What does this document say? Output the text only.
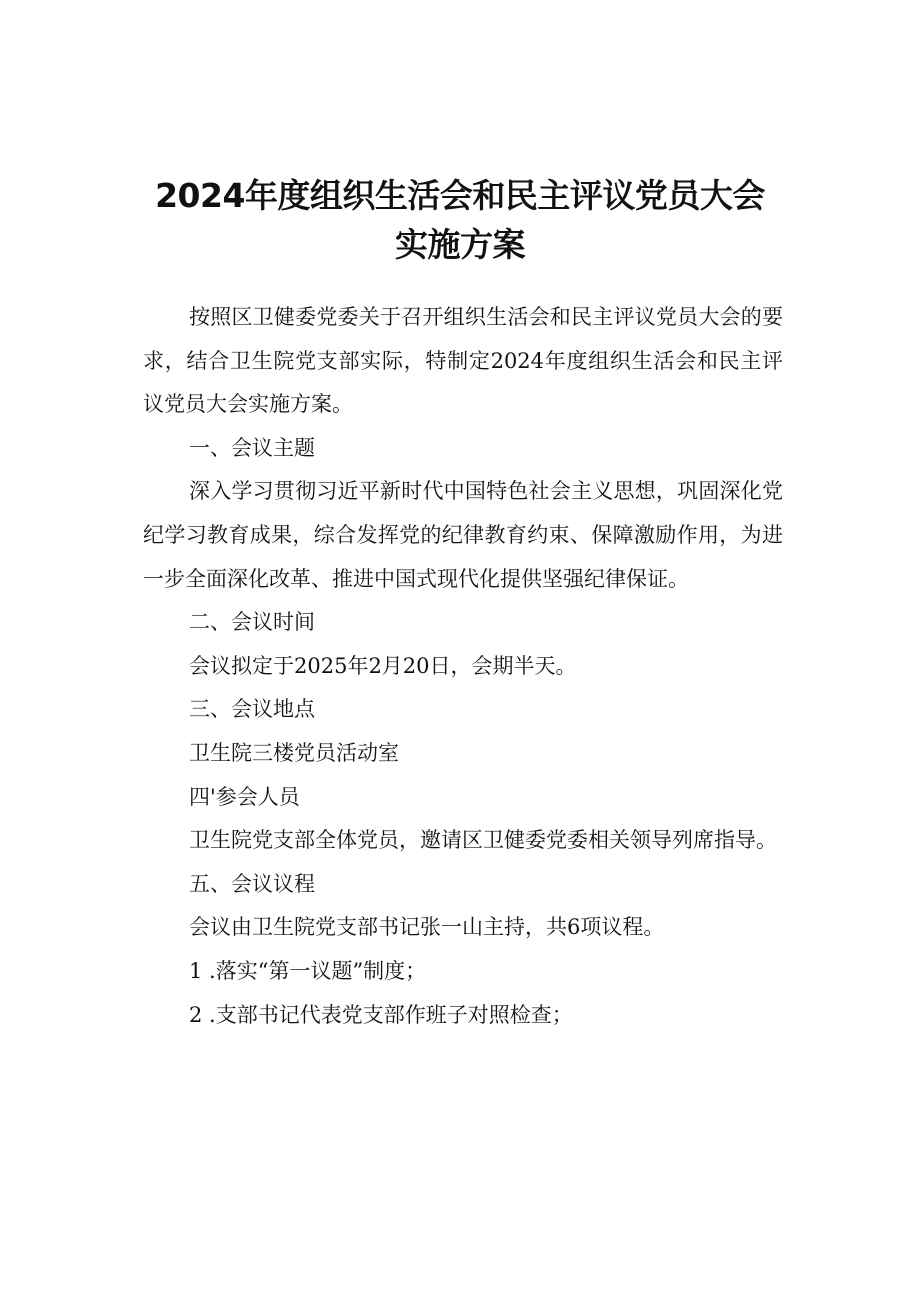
2024年度组织生活会和民主评议党员大会
实施方案

按照区卫健委党委关于召开组织生活会和民主评议党员大会的要求，结合卫生院党支部实际，特制定2024年度组织生活会和民主评议党员大会实施方案。

一、会议主题

深入学习贯彻习近平新时代中国特色社会主义思想，巩固深化党纪学习教育成果，综合发挥党的纪律教育约束、保障激励作用，为进一步全面深化改革、推进中国式现代化提供坚强纪律保证。

二、会议时间

会议拟定于2025年2月20日，会期半天。

三、会议地点

卫生院三楼党员活动室

四'参会人员

卫生院党支部全体党员，邀请区卫健委党委相关领导列席指导。

五、会议议程

会议由卫生院党支部书记张一山主持，共6项议程。

1 .落实“第一议题”制度；

2 .支部书记代表党支部作班子对照检查；
